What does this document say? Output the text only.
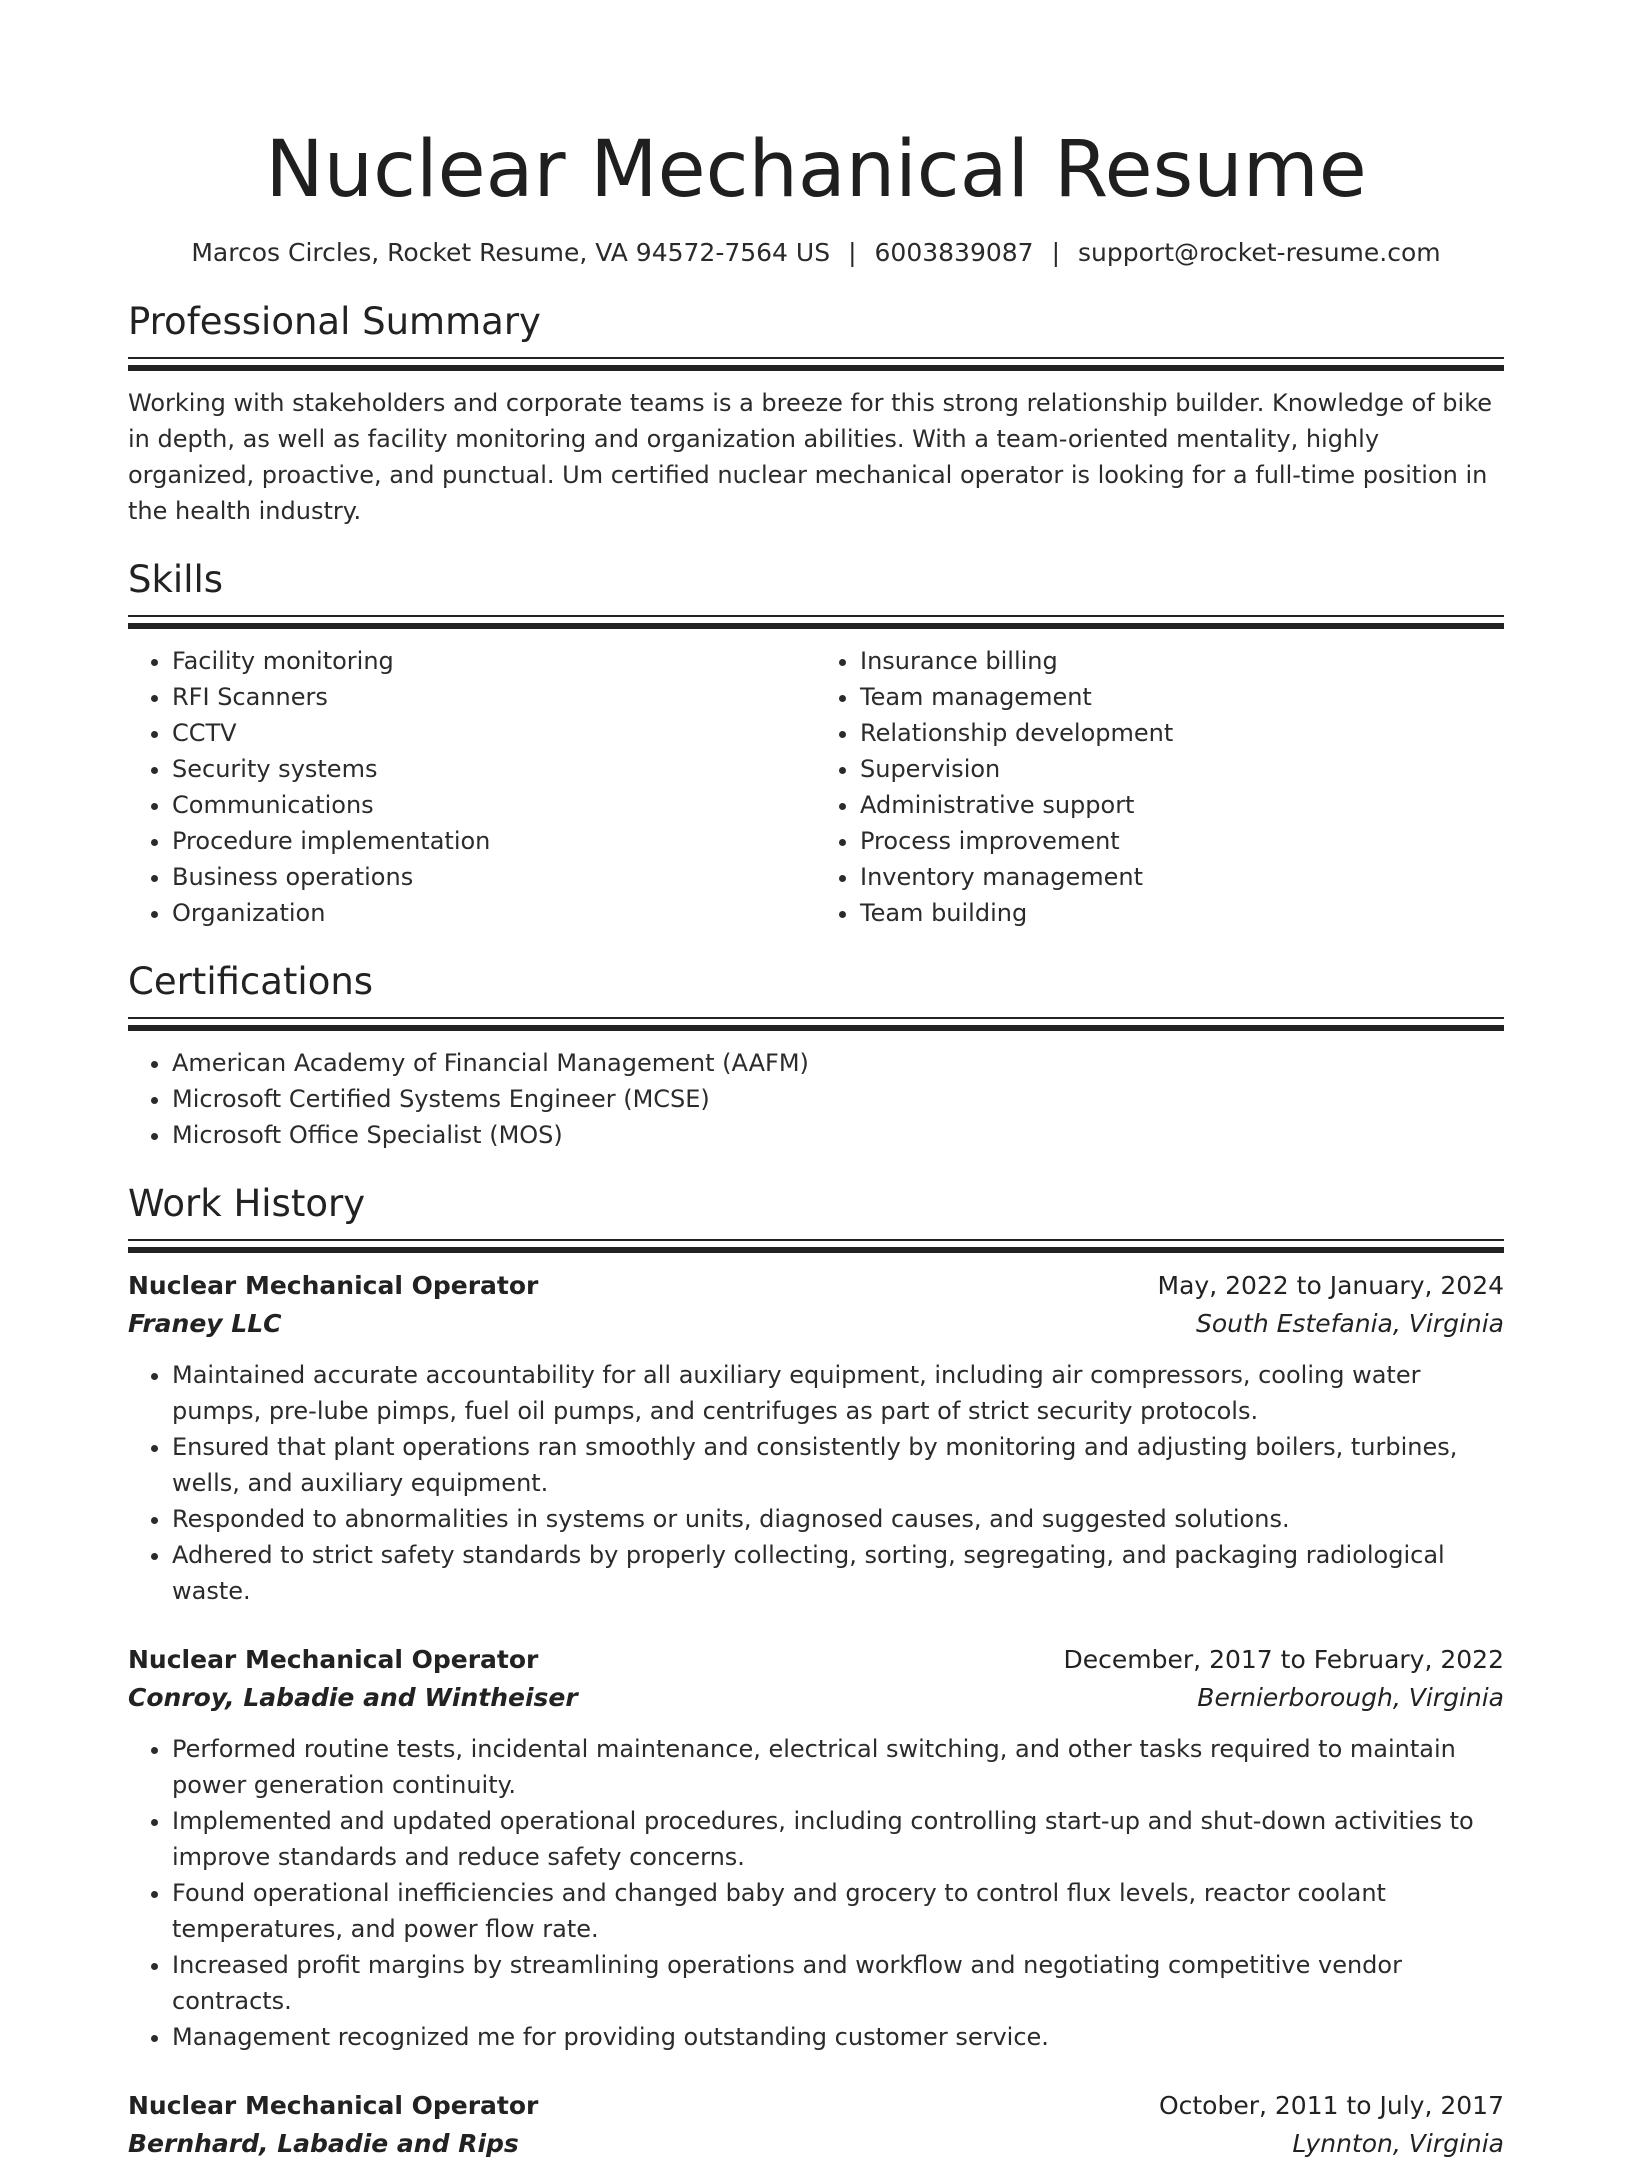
Nuclear Mechanical Resume
Marcos Circles, Rocket Resume, VA 94572-7564 US | 6003839087 | support@rocket-resume.com
Professional Summary

Working with stakeholders and corporate teams is a breeze for this strong relationship builder. Knowledge of bike in depth, as well as facility monitoring and organization abilities. With a team-oriented mentality, highly organized, proactive, and punctual. Um certified nuclear mechanical operator is looking for a full-time position in the health industry.

Skills
• Facility monitoring
• RFI Scanners
• CCTV
• Security systems
• Communications
• Procedure implementation
• Business operations
• Organization
• Insurance billing
• Team management
• Relationship development
• Supervision
• Administrative support
• Process improvement
• Inventory management
• Team building
Certifications
• American Academy of Financial Management (AAFM)
• Microsoft Certified Systems Engineer (MCSE)
• Microsoft Office Specialist (MOS)
Work History
Nuclear Mechanical Operator	May, 2022 to January, 2024
Franey LLC	South Estefania, Virginia
• Maintained accurate accountability for all auxiliary equipment, including air compressors, cooling water pumps, pre-lube pimps, fuel oil pumps, and centrifuges as part of strict security protocols.
• Ensured that plant operations ran smoothly and consistently by monitoring and adjusting boilers, turbines, wells, and auxiliary equipment.
• Responded to abnormalities in systems or units, diagnosed causes, and suggested solutions.
• Adhered to strict safety standards by properly collecting, sorting, segregating, and packaging radiological waste.
Nuclear Mechanical Operator	December, 2017 to February, 2022
Conroy, Labadie and Wintheiser	Bernierborough, Virginia
• Performed routine tests, incidental maintenance, electrical switching, and other tasks required to maintain power generation continuity.
• Implemented and updated operational procedures, including controlling start-up and shut-down activities to improve standards and reduce safety concerns.
• Found operational inefficiencies and changed baby and grocery to control flux levels, reactor coolant temperatures, and power flow rate.
• Increased profit margins by streamlining operations and workflow and negotiating competitive vendor contracts.
• Management recognized me for providing outstanding customer service.
Nuclear Mechanical Operator	October, 2011 to July, 2017
Bernhard, Labadie and Rips	Lynnton, Virginia
